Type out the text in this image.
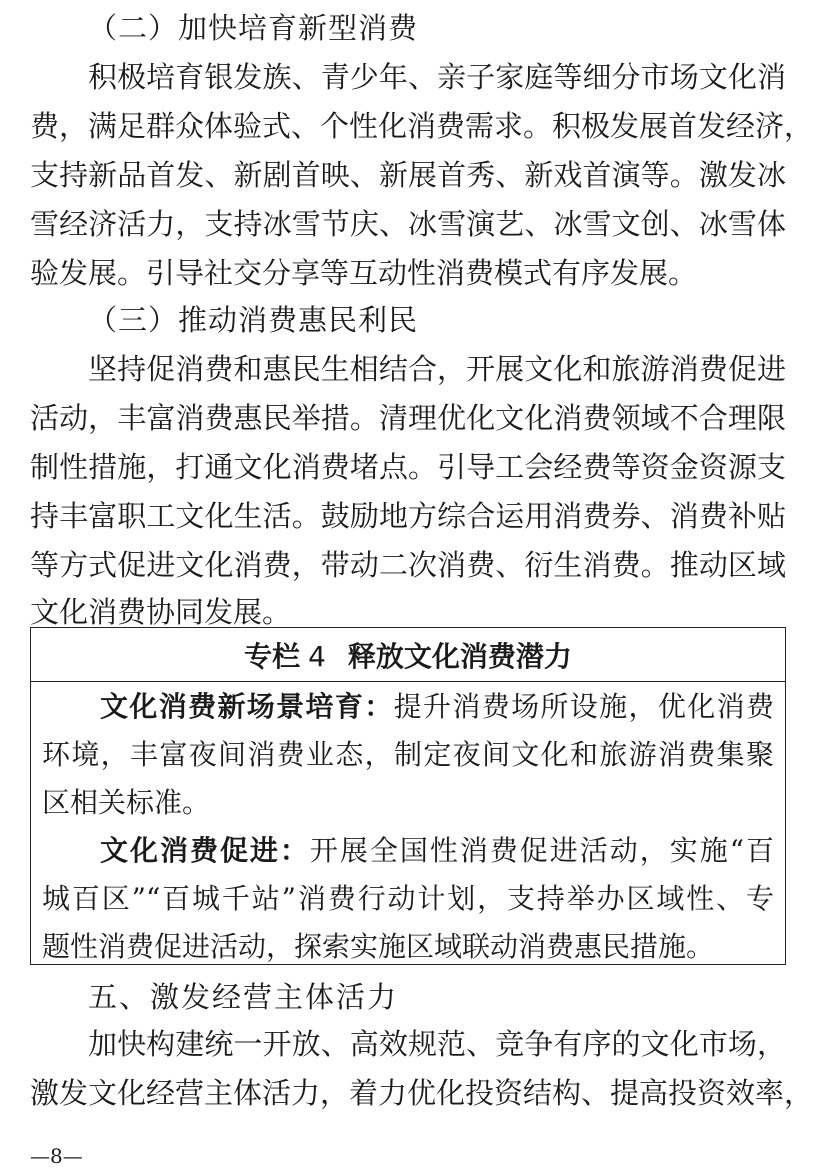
（二）加快培育新型消费
积极培育银发族、青少年、亲子家庭等细分市场文化消
费，满足群众体验式、个性化消费需求。积极发展首发经济，
支持新品首发、新剧首映、新展首秀、新戏首演等。激发冰
雪经济活力，支持冰雪节庆、冰雪演艺、冰雪文创、冰雪体
验发展。引导社交分享等互动性消费模式有序发展。
（三）推动消费惠民利民
坚持促消费和惠民生相结合，开展文化和旅游消费促进
活动，丰富消费惠民举措。清理优化文化消费领域不合理限
制性措施，打通文化消费堵点。引导工会经费等资金资源支
持丰富职工文化生活。鼓励地方综合运用消费券、消费补贴
等方式促进文化消费，带动二次消费、衍生消费。推动区域
文化消费协同发展。
专栏 4 释放文化消费潜力
文化消费新场景培育：提升消费场所设施，优化消费
环境，丰富夜间消费业态，制定夜间文化和旅游消费集聚
区相关标准。
文化消费促进：开展全国性消费促进活动，实施“百
城百区”“百城千站”消费行动计划，支持举办区域性、专
题性消费促进活动，探索实施区域联动消费惠民措施。
五、激发经营主体活力
加快构建统一开放、高效规范、竞争有序的文化市场，
激发文化经营主体活力，着力优化投资结构、提高投资效率，
—8—
